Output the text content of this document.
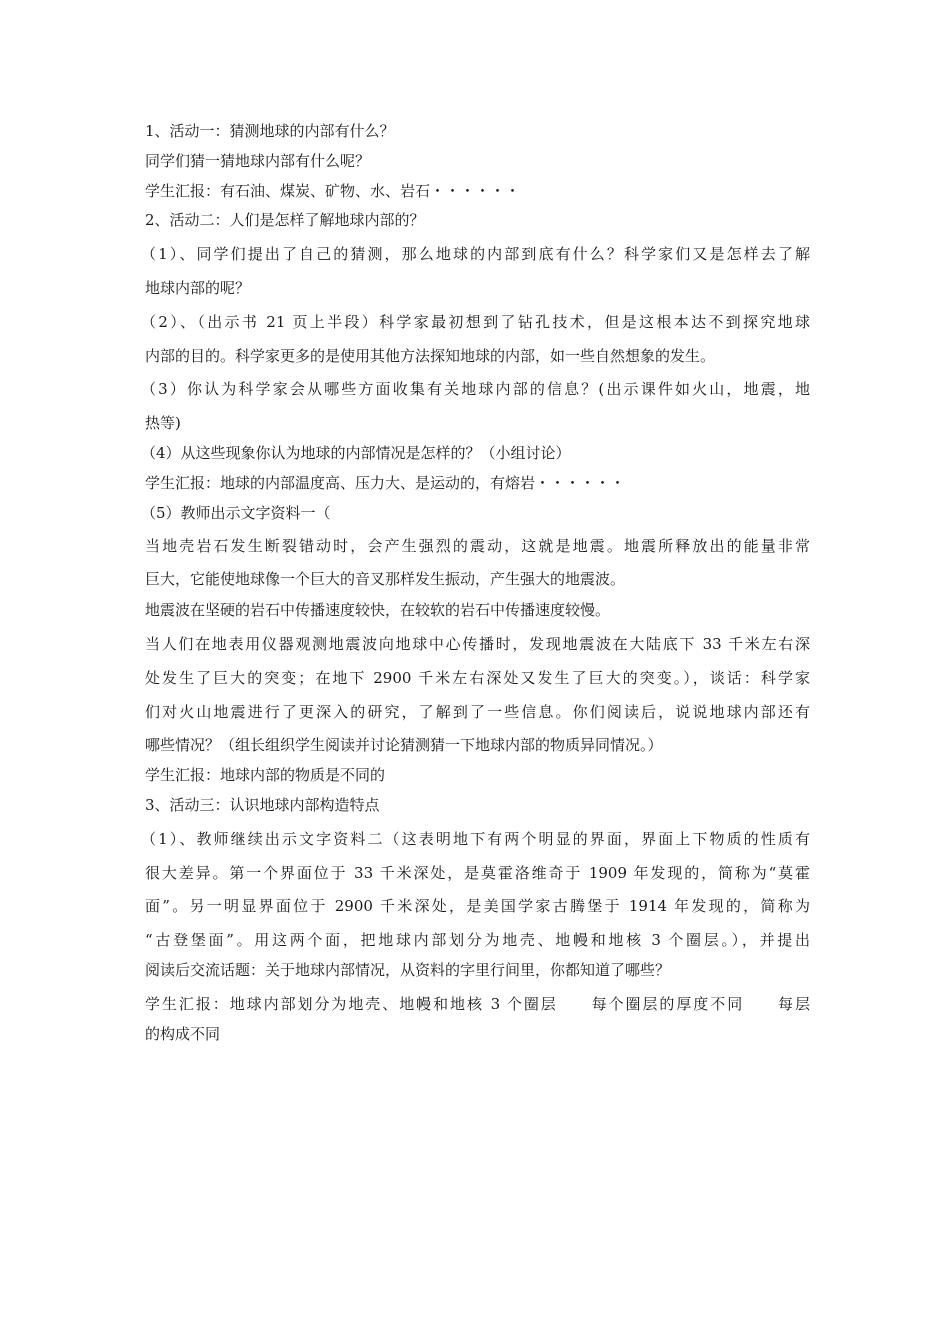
1、活动一：猜测地球的内部有什么？
同学们猜一猜地球内部有什么呢？
学生汇报：有石油、煤炭、矿物、水、岩石・・・・・・
2、活动二：人们是怎样了解地球内部的？
（1）、同学们提出了自己的猜测，那么地球的内部到底有什么？科学家们又是怎样去了解
地球内部的呢？
（2）、（出示书 21 页上半段）科学家最初想到了钻孔技术，但是这根本达不到探究地球
内部的目的。科学家更多的是使用其他方法探知地球的内部，如一些自然想象的发生。
（3）你认为科学家会从哪些方面收集有关地球内部的信息？(出示课件如火山，地震，地
热等)
（4）从这些现象你认为地球的内部情况是怎样的？（小组讨论）
学生汇报：地球的内部温度高、压力大、是运动的，有熔岩・・・・・・
（5）教师出示文字资料一（
当地壳岩石发生断裂错动时，会产生强烈的震动，这就是地震。地震所释放出的能量非常
巨大，它能使地球像一个巨大的音叉那样发生振动，产生强大的地震波。
地震波在坚硬的岩石中传播速度较快，在较软的岩石中传播速度较慢。
当人们在地表用仪器观测地震波向地球中心传播时，发现地震波在大陆底下 33 千米左右深
处发生了巨大的突变；在地下 2900 千米左右深处又发生了巨大的突变。），谈话：科学家
们对火山地震进行了更深入的研究，了解到了一些信息。你们阅读后，说说地球内部还有
哪些情况？（组长组织学生阅读并讨论猜测猜一下地球内部的物质异同情况。）
学生汇报：地球内部的物质是不同的
3、活动三：认识地球内部构造特点
（1）、教师继续出示文字资料二（这表明地下有两个明显的界面，界面上下物质的性质有
很大差异。第一个界面位于 33 千米深处，是莫霍洛维奇于 1909 年发现的，简称为“莫霍
面”。另一明显界面位于 2900 千米深处，是美国学家古腾堡于 1914 年发现的，简称为
“古登堡面”。用这两个面，把地球内部划分为地壳、地幔和地核 3 个圈层。），并提出
阅读后交流话题：关于地球内部情况，从资料的字里行间里，你都知道了哪些？
学生汇报：地球内部划分为地壳、地幔和地核 3 个圈层　　每个圈层的厚度不同　　每层
的构成不同
